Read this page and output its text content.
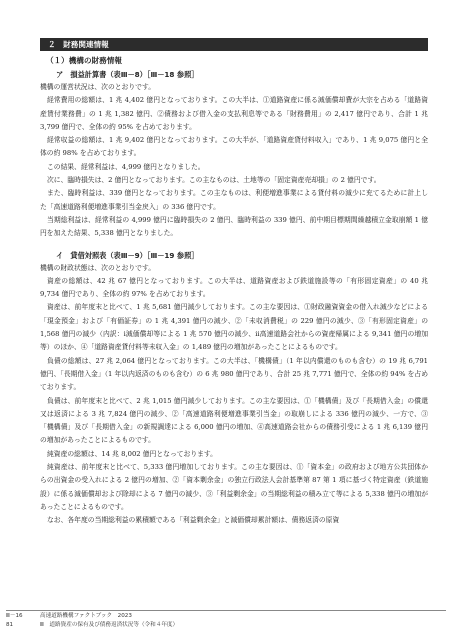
２　財務関連情報
（１）機構の財務情報
ア　損益計算書（表Ⅲ－8）［Ⅲ－18 参照］
機構の運営状況は、次のとおりです。
経常費用の総額は、1 兆 4,402 億円となっております。この大半は、①道路資産に係る減価償却費が大宗を占める「道路資産賃付業務費」の 1 兆 1,382 億円、②債務および借入金の支払利息等である「財務費用」の 2,417 億円であり、合計 1 兆 3,799 億円で、全体の約 95% を占めております。
経常収益の総額は、1 兆 9,402 億円となっております。この大半が、「道路資産貸付料収入」であり、1 兆 9,075 億円と全体の約 98% を占めております。
この結果、経常利益は、4,999 億円となりました。
次に、臨時損失は、2 億円となっております。この主なものは、土地等の「固定資産売却損」の 2 億円です。
また、臨時利益は、339 億円となっております。この主なものは、利便増進事業による貸付料の減少に充てるために計上した「高速道路利便増進事業引当金戻入」の 336 億円です。
当期総利益は、経常利益の 4,999 億円に臨時損失の 2 億円、臨時利益の 339 億円、前中期目標期間繰越積立金取崩額 1 億円を加えた結果、5,338 億円となりました。
イ　貸借対照表（表Ⅲ－9）［Ⅲ－19 参照］
機構の財政状態は、次のとおりです。
資産の総額は、42 兆 67 億円となっております。この大半は、道路資産および鉄道施設等の「有形固定資産」の 40 兆 9,734 億円であり、全体の約 97% を占めております。
資産は、前年度末と比べて、1 兆 5,681 億円減少しております。この主な要因は、①財政融資資金の借入れ減少などによる「現金預金」および「有価証券」の 1 兆 4,391 億円の減少、②「未収消費税」の 229 億円の減少、③「有形固定資産」の 1,568 億円の減少（内訳：ⅰ減価償却等による 1 兆 570 億円の減少、ⅱ高速道路会社からの資産帰属による 9,341 億円の増加等）のほか、④「道路資産貸付料等未収入金」の 1,489 億円の増加があったことによるものです。
負債の総額は、27 兆 2,064 億円となっております。この大半は、「機構債」（1 年以内償還のものも含む）の 19 兆 6,791 億円、「長期借入金」（1 年以内返済のものも含む）の 6 兆 980 億円であり、合計 25 兆 7,771 億円で、全体の約 94% を占めております。
負債は、前年度末と比べて、2 兆 1,015 億円減少しております。この主な要因は、①「機構債」及び「長期借入金」の償還又は返済による 3 兆 7,824 億円の減少、②「高速道路利便増進事業引当金」の取崩しによる 336 億円の減少、一方で、③「機構債」及び「長期借入金」の新規調達による 6,000 億円の増加、④高速道路会社からの債務引受による 1 兆 6,139 億円の増加があったことによるものです。
純資産の総額は、14 兆 8,002 億円となっております。
純資産は、前年度末と比べて、5,333 億円増加しております。この主な要因は、①「資本金」の政府および地方公共団体からの出資金の受入れによる 2 億円の増加、②「資本剰余金」の独立行政法人会計基準第 87 第 1 項に基づく特定資産（鉄道施設）に係る減価償却および除却による 7 億円の減少、③「利益剰余金」の当期総利益の積み立て等による 5,338 億円の増加があったことによるものです。
なお、各年度の当期総利益の累積額である「利益剰余金」と減価償却累計額は、債務返済の原資
Ⅲ－16	高速道路機構ファクトブック　2023
81	Ⅲ　道路資産の保有及び債務返済状況等（令和４年度）
